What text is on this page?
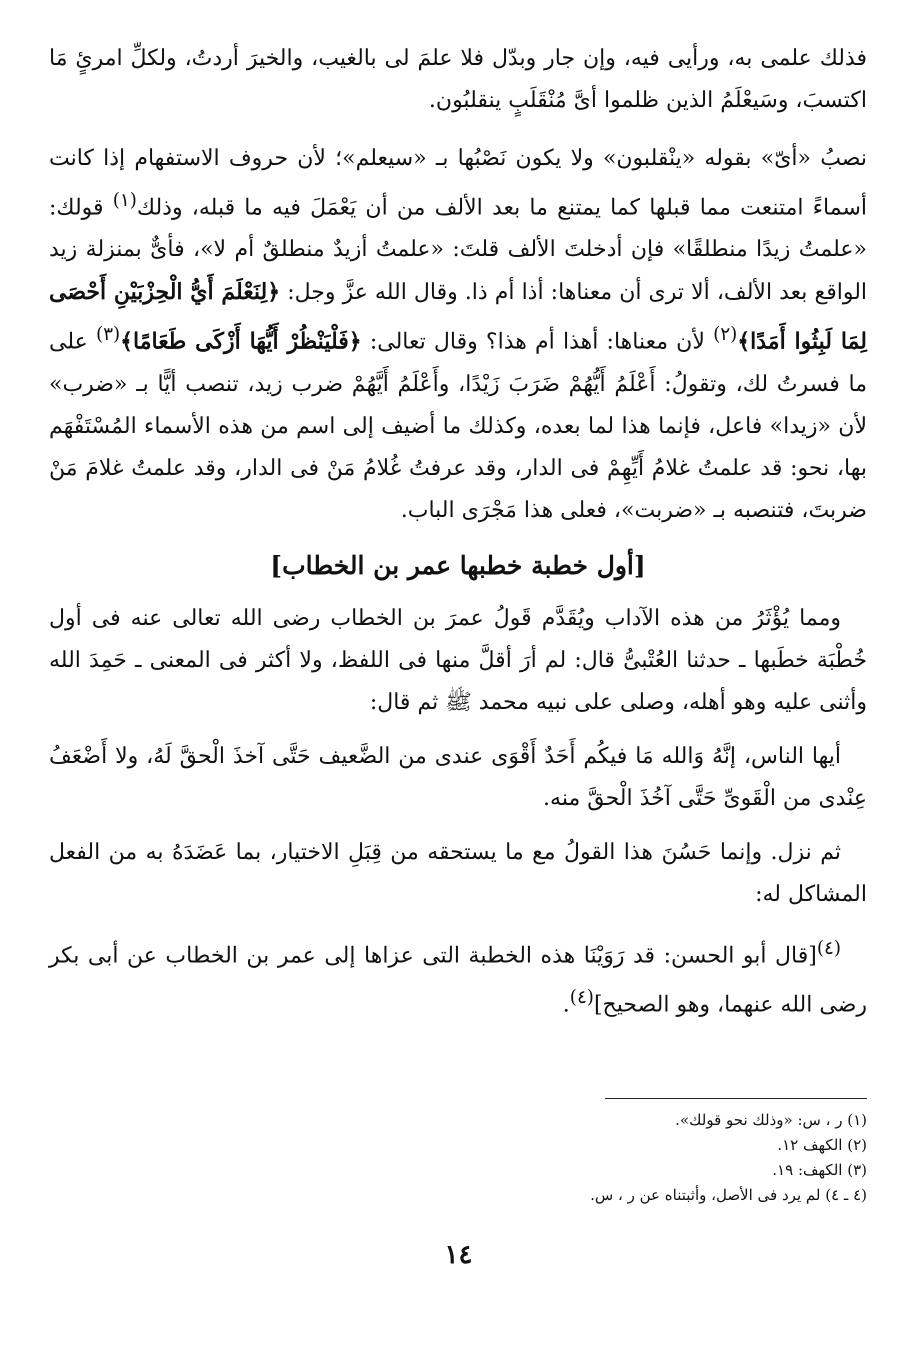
فذلك علمى به، ورأيى فيه، وإن جار وبدّل فلا علمَ لى بالغيب، والخيرَ أردتُ، ولكلِّ امرئٍ مَا اكتسبَ، وسَيعْلَمُ الذين ظلموا أىَّ مُنْقَلَبٍ ينقلبُون.

نصبُ «أىّ» بقوله «ينْقلبون» ولا يكون نَصْبُها بـ «سيعلم»؛ لأن حروف الاستفهام إذا كانت أسماءً امتنعت مما قبلها كما يمتنع ما بعد الألف من أن يَعْمَلَ فيه ما قبله، وذلك$^{(١)}$ قولك: «علمتُ زيدًا منطلقًا» فإن أدخلتَ الألف قلتَ: «علمتُ أزيدٌ منطلقٌ أم لا»، فأىٌّ بمنزلة زيد الواقع بعد الألف، ألا ترى أن معناها: أذا أم ذا. وقال الله عزَّ وجل: ﴿لِنَعْلَمَ أَيُّ الْحِزْبَيْنِ أَحْصَى لِمَا لَبِثُوا أَمَدًا﴾$^{(٢)}$ لأن معناها: أهذا أم هذا؟ وقال تعالى: ﴿فَلْيَنْظُرْ أَيُّهَا أَزْكَى طَعَامًا﴾$^{(٣)}$ على ما فسرتُ لك، وتقولُ: أَعْلَمُ أَيُّهُمْ ضَرَبَ زَيْدًا، وأَعْلَمُ أَيَّهُمْ ضرب زيد، تنصب أيًّا بـ «ضرب» لأن «زيدا» فاعل، فإنما هذا لما بعده، وكذلك ما أضيف إلى اسم من هذه الأسماء المُسْتَفْهَم بها، نحو: قد علمتُ غلامُ أَيِّهِمْ فى الدار، وقد عرفتُ غُلامُ مَنْ فى الدار، وقد علمتُ غلامَ مَنْ ضربتَ، فتنصبه بـ «ضربت»، فعلى هذا مَجْرَى الباب.

[أول خطبة خطبها عمر بن الخطاب]

ومما يُؤْثَرُ من هذه الآداب ويُقَدَّم قَولُ عمرَ بن الخطاب رضى الله تعالى عنه فى أول خُطْبَة خطَبها ـ حدثنا العُتْبىُّ قال: لم أرَ أقلَّ منها فى اللفظ، ولا أكثر فى المعنى ـ حَمِدَ الله وأثنى عليه وهو أهله، وصلى على نبيه محمد ﷺ ثم قال:

أيها الناس، إنَّهُ وَالله مَا فيكُم أَحَدٌ أَقْوَى عندى من الضَّعيف حَتَّى آخذَ الْحقَّ لَهُ، ولا أَضْعَفُ عِنْدى من الْقَوىِّ حَتَّى آخُذَ الْحقَّ منه.

ثم نزل. وإنما حَسُنَ هذا القولُ مع ما يستحقه من قِبَلِ الاختيار، بما عَضَدَهُ به من الفعل المشاكل له:

$^{(٤)}$[قال أبو الحسن: قد رَوَيْنَا هذه الخطبة التى عزاها إلى عمر بن الخطاب عن أبى بكر رضى الله عنهما، وهو الصحيح]$^{(٤)}$.

(١) ر ، س: «وذلك نحو قولك».
(٢) الكهف ١٢.
(٣) الكهف: ١٩.
(٤ ـ ٤) لم يرد فى الأصل، وأثبتناه عن ر ، س.
١٤
